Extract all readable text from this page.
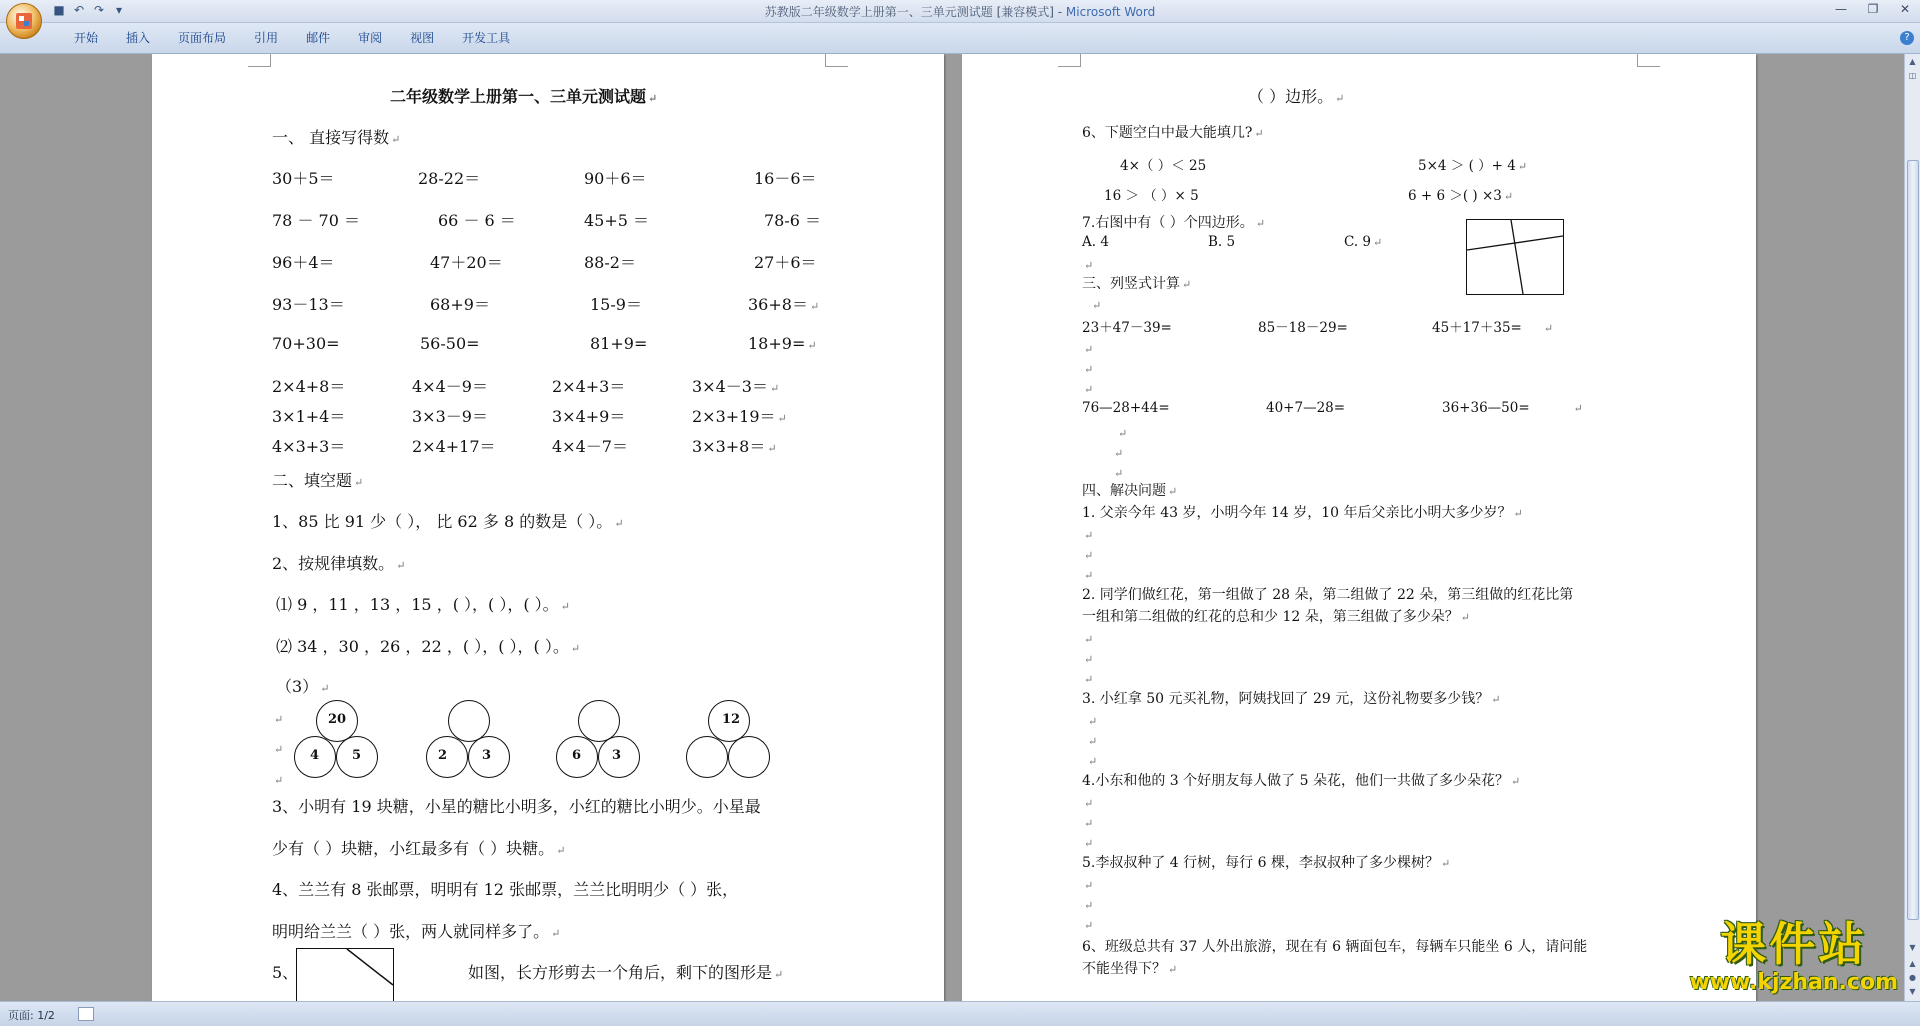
■ ↶ ↷ ▾	苏教版二年级数学上册第一、三单元测试题 [兼容模式] - Microsoft Word	—	❐	✕
开始	插入	页面布局	引用	邮件	审阅	视图	开发工具	?
二年级数学上册第一、三单元测试题 ↵
一、 直接写得数 ↵
30＋5＝	28-22＝	90＋6＝	16－6＝
78 － 70 ＝	66 － 6 ＝	45+5 ＝	78-6 ＝
96＋4＝	47＋20＝	88-2＝	27＋6＝
93－13＝	68+9＝	15-9＝	36+8＝ ↵
70+30=	56-50=	81+9=	18+9= ↵
2×4+8＝	4×4－9＝	2×4+3＝	3×4－3＝ ↵
3×1+4＝	3×3－9＝	3×4+9＝	2×3+19＝ ↵
4×3+3＝	2×4+17＝	4×4－7＝	3×3+8＝ ↵
二、填空题 ↵
1、85 比 91 少（ ）， 比 62 多 8 的数是（ ）。 ↵
2、按规律填数。 ↵
⑴ 9 ，11 ，13 ，15 ，( ），( ），( ）。 ↵
⑵ 34 ，30 ，26 ，22 ，( ），( ），( ）。 ↵
（3） ↵
↵
↵
↵
20
4	5	2	3	6 3
12
3、小明有 19 块糖，小星的糖比小明多，小红的糖比小明少。小星最
少有（ ）块糖，小红最多有（ ）块糖。 ↵
4、兰兰有 8 张邮票，明明有 12 张邮票，兰兰比明明少（ ）张，
明明给兰兰（ ）张，两人就同样多了。 ↵
5、	如图，长方形剪去一个角后，剩下的图形是 ↵
（ ）边形。 ↵
6、下题空白中最大能填几? ↵
4×（ ）＜ 25	5×4 ＞ ( ）+ 4 ↵
16 ＞ （ ）× 5	6 + 6 ＞( ) ×3 ↵
7.右图中有（ ）个四边形。 ↵
A. 4	B. 5	C. 9 ↵
↵
三、列竖式计算 ↵
↵
23＋47－39=	85－18－29=	45＋17＋35= ↵
↵
↵
↵
76—28+44=	40+7—28=	36+36—50=	↵
↵
↵
↵
四、解决问题 ↵
1. 父亲今年 43 岁，小明今年 14 岁，10 年后父亲比小明大多少岁？ ↵
↵
↵
↵
2. 同学们做红花，第一组做了 28 朵，第二组做了 22 朵，第三组做的红花比第
一组和第二组做的红花的总和少 12 朵，第三组做了多少朵？ ↵
↵
↵
↵
3. 小红拿 50 元买礼物，阿姨找回了 29 元，这份礼物要多少钱？ ↵
↵
↵
↵
4.小东和他的 3 个好朋友每人做了 5 朵花，他们一共做了多少朵花？ ↵
↵
↵
↵
5.李叔叔种了 4 行树，每行 6 棵，李叔叔种了多少棵树？ ↵
↵
↵
↵
6、班级总共有 37 人外出旅游，现在有 6 辆面包车，每辆车只能坐 6 人，请问能
不能坐得下？ ↵
▲
◫
▼
▲
●
▼
课件站
www.kjzhan.com
页面: 1/2
